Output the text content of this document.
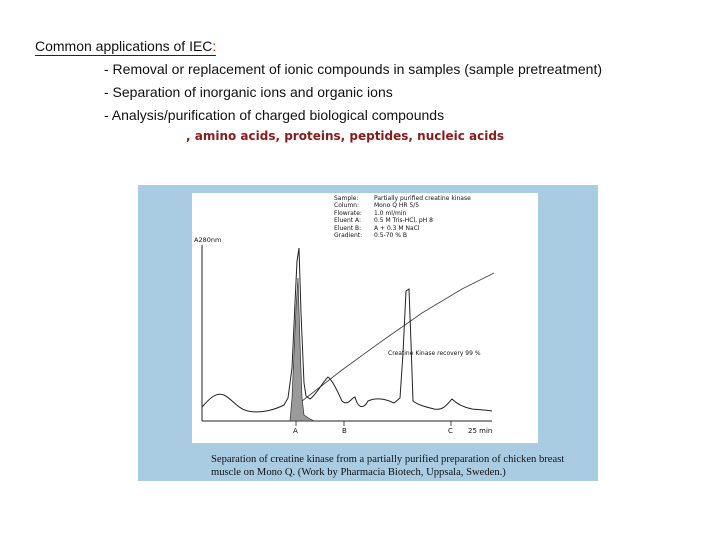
Common applications of IEC:
- Removal or replacement of ionic compounds in samples (sample pretreatment)
- Separation of inorganic ions and organic ions
- Analysis/purification of charged biological compounds
, amino acids, proteins, peptides, nucleic acids
Sample:	Partially purified creatine kinase
Column:	Mono Q HR 5/5
Flowrate:	1.0 ml/min
Eluent A:	0.5 M Tris-HCl, pH 8
Eluent B:	A + 0.3 M NaCl
Gradient:	0.5-70 % B
A280nm
Creatine Kinase recovery 99 %
A	B	C 25 min
Separation of creatine kinase from a partially purified preparation of chicken breast muscle on Mono Q. (Work by Pharmacia Biotech, Uppsala, Sweden.)
